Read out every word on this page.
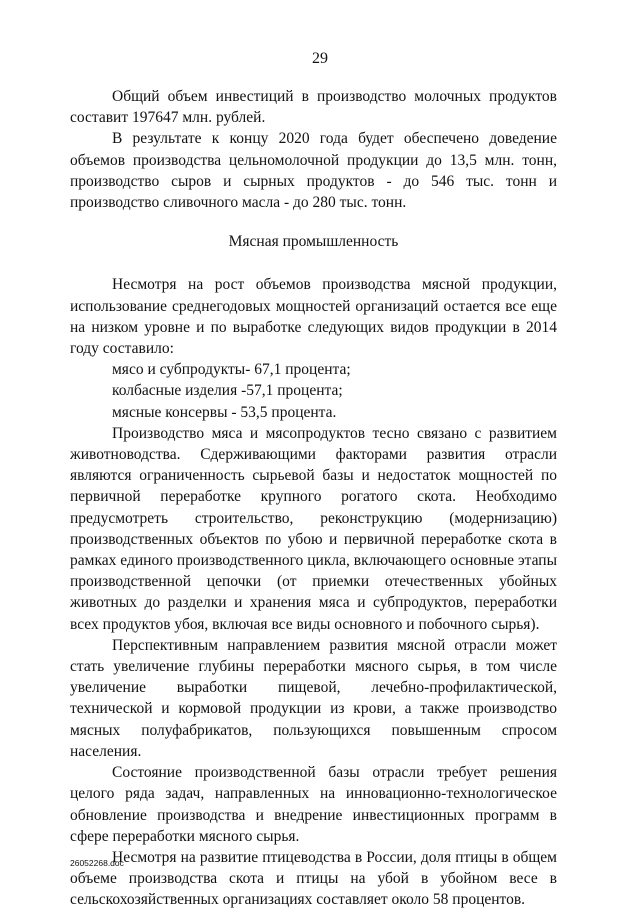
29

Общий объем инвестиций в производство молочных продуктов составит 197647 млн. рублей.

В результате к концу 2020 года будет обеспечено доведение объемов производства цельномолочной продукции до 13,5 млн. тонн, производство сыров и сырных продуктов - до 546 тыс. тонн и производство сливочного масла - до 280 тыс. тонн.

Мясная промышленность

Несмотря на рост объемов производства мясной продукции, использование среднегодовых мощностей организаций остается все еще на низком уровне и по выработке следующих видов продукции в 2014 году составило:

мясо и субпродукты- 67,1 процента;

колбасные изделия -57,1 процента;

мясные консервы - 53,5 процента.

Производство мяса и мясопродуктов тесно связано с развитием животноводства. Сдерживающими факторами развития отрасли являются ограниченность сырьевой базы и недостаток мощностей по первичной переработке крупного рогатого скота. Необходимо предусмотреть строительство, реконструкцию (модернизацию) производственных объектов по убою и первичной переработке скота в рамках единого производственного цикла, включающего основные этапы производственной цепочки (от приемки отечественных убойных животных до разделки и хранения мяса и субпродуктов, переработки всех продуктов убоя, включая все виды основного и побочного сырья).

Перспективным направлением развития мясной отрасли может стать увеличение глубины переработки мясного сырья, в том числе увеличение выработки пищевой, лечебно-профилактической, технической и кормовой продукции из крови, а также производство мясных полуфабрикатов, пользующихся повышенным спросом населения.

Состояние производственной базы отрасли требует решения целого ряда задач, направленных на инновационно-технологическое обновление производства и внедрение инвестиционных программ в сфере переработки мясного сырья.

Несмотря на развитие птицеводства в России, доля птицы в общем объеме производства скота и птицы на убой в убойном весе в сельскохозяйственных организациях составляет около 58 процентов.

26052268.doc
